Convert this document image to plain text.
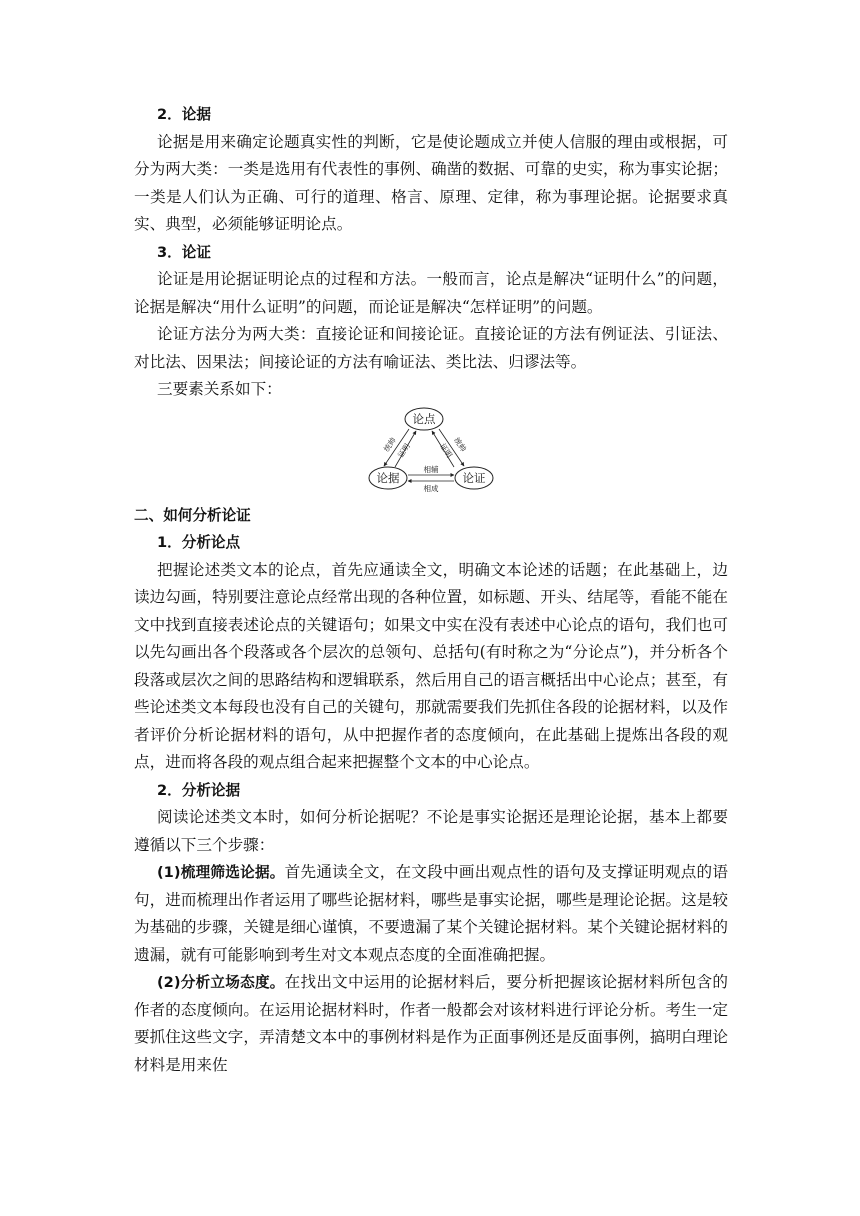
2．论据

论据是用来确定论题真实性的判断，它是使论题成立并使人信服的理由或根据，可分为两大类：一类是选用有代表性的事例、确凿的数据、可靠的史实，称为事实论据；一类是人们认为正确、可行的道理、格言、原理、定律，称为事理论据。论据要求真实、典型，必须能够证明论点。

3．论证

论证是用论据证明论点的过程和方法。一般而言，论点是解决“证明什么”的问题，论据是解决“用什么证明”的问题，而论证是解决“怎样证明”的问题。

论证方法分为两大类：直接论证和间接论证。直接论证的方法有例证法、引证法、对比法、因果法；间接论证的方法有喻证法、类比法、归谬法等。

三要素关系如下：

论点
论据	论证
统帅
证明	统帅
证明
相辅
相成

二、如何分析论证

1．分析论点

把握论述类文本的论点，首先应通读全文，明确文本论述的话题；在此基础上，边读边勾画，特别要注意论点经常出现的各种位置，如标题、开头、结尾等，看能不能在文中找到直接表述论点的关键语句；如果文中实在没有表述中心论点的语句，我们也可以先勾画出各个段落或各个层次的总领句、总括句(有时称之为“分论点”)，并分析各个段落或层次之间的思路结构和逻辑联系，然后用自己的语言概括出中心论点；甚至，有些论述类文本每段也没有自己的关键句，那就需要我们先抓住各段的论据材料，以及作者评价分析论据材料的语句，从中把握作者的态度倾向，在此基础上提炼出各段的观点，进而将各段的观点组合起来把握整个文本的中心论点。

2．分析论据

阅读论述类文本时，如何分析论据呢？不论是事实论据还是理论论据，基本上都要遵循以下三个步骤：

(1)梳理筛选论据。首先通读全文，在文段中画出观点性的语句及支撑证明观点的语句，进而梳理出作者运用了哪些论据材料，哪些是事实论据，哪些是理论论据。这是较为基础的步骤，关键是细心谨慎，不要遗漏了某个关键论据材料。某个关键论据材料的遗漏，就有可能影响到考生对文本观点态度的全面准确把握。

(2)分析立场态度。在找出文中运用的论据材料后，要分析把握该论据材料所包含的作者的态度倾向。在运用论据材料时，作者一般都会对该材料进行评论分析。考生一定要抓住这些文字，弄清楚文本中的事例材料是作为正面事例还是反面事例，搞明白理论材料是用来佐
